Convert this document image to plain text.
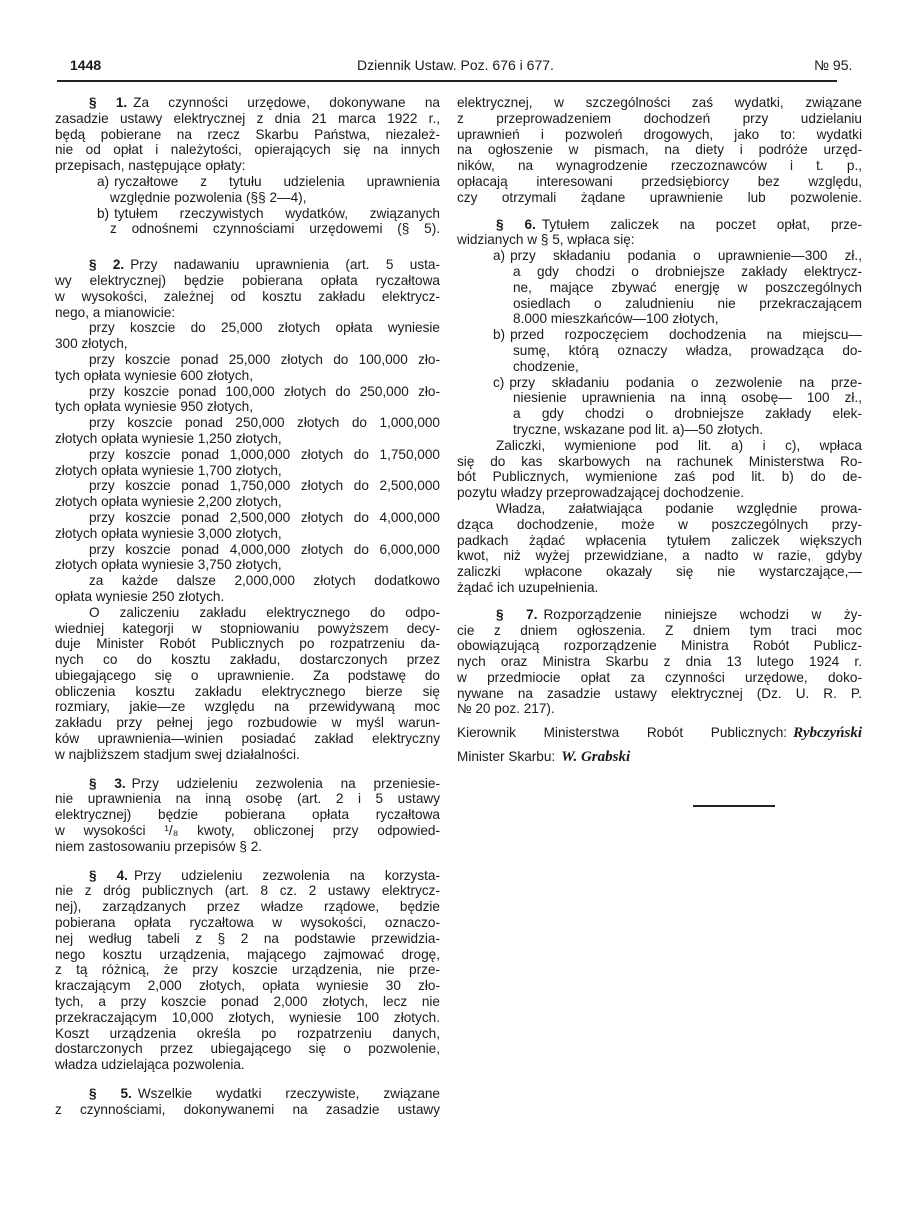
1448	Dziennik Ustaw. Poz. 676 i 677.	№ 95.
§ 1. Za czynności urzędowe, dokonywane na
zasadzie ustawy elektrycznej z dnia 21 marca 1922 r.,
będą pobierane na rzecz Skarbu Państwa, niezależ-
nie od opłat i należytości, opierających się na innych
przepisach, następujące opłaty:
a) ryczałtowe z tytułu udzielenia uprawnienia
względnie pozwolenia (§§ 2—4),
b) tytułem rzeczywistych wydatków, związanych
z odnośnemi czynnościami urzędowemi (§ 5).
§ 2. Przy nadawaniu uprawnienia (art. 5 usta-
wy elektrycznej) będzie pobierana opłata ryczałtowa
w wysokości, zależnej od kosztu zakładu elektrycz-
nego, a mianowicie:
przy koszcie do 25,000 złotych opłata wyniesie
300 złotych,
przy koszcie ponad 25,000 złotych do 100,000 zło-
tych opłata wyniesie 600 złotych,
przy koszcie ponad 100,000 złotych do 250,000 zło-
tych opłata wyniesie 950 złotych,
przy koszcie ponad 250,000 złotych do 1,000,000
złotych opłata wyniesie 1,250 złotych,
przy koszcie ponad 1,000,000 złotych do 1,750,000
złotych opłata wyniesie 1,700 złotych,
przy koszcie ponad 1,750,000 złotych do 2,500,000
złotych opłata wyniesie 2,200 złotych,
przy koszcie ponad 2,500,000 złotych do 4,000,000
złotych opłata wyniesie 3,000 złotych,
przy koszcie ponad 4,000,000 złotych do 6,000,000
złotych opłata wyniesie 3,750 złotych,
za każde dalsze 2,000,000 złotych dodatkowo
opłata wyniesie 250 złotych.
O zaliczeniu zakładu elektrycznego do odpo-
wiedniej kategorji w stopniowaniu powyższem decy-
duje Minister Robót Publicznych po rozpatrzeniu da-
nych co do kosztu zakładu, dostarczonych przez
ubiegającego się o uprawnienie. Za podstawę do
obliczenia kosztu zakładu elektrycznego bierze się
rozmiary, jakie—ze względu na przewidywaną moc
zakładu przy pełnej jego rozbudowie w myśl warun-
ków uprawnienia—winien posiadać zakład elektryczny
w najbliższem stadjum swej działalności.
§ 3. Przy udzieleniu zezwolenia na przeniesie-
nie uprawnienia na inną osobę (art. 2 i 5 ustawy
elektrycznej) będzie pobierana opłata ryczałtowa
w wysokości ¹/₈ kwoty, obliczonej przy odpowied-
niem zastosowaniu przepisów § 2.
§ 4. Przy udzieleniu zezwolenia na korzysta-
nie z dróg publicznych (art. 8 cz. 2 ustawy elektrycz-
nej), zarządzanych przez władze rządowe, będzie
pobierana opłata ryczałtowa w wysokości, oznaczo-
nej według tabeli z § 2 na podstawie przewidzia-
nego kosztu urządzenia, mającego zajmować drogę,
z tą różnicą, że przy koszcie urządzenia, nie prze-
kraczającym 2,000 złotych, opłata wyniesie 30 zło-
tych, a przy koszcie ponad 2,000 złotych, lecz nie
przekraczającym 10,000 złotych, wyniesie 100 złotych.
Koszt urządzenia określa po rozpatrzeniu danych,
dostarczonych przez ubiegającego się o pozwolenie,
władza udzielająca pozwolenia.
§ 5. Wszelkie wydatki rzeczywiste, związane
z czynnościami, dokonywanemi na zasadzie ustawy
elektrycznej, w szczególności zaś wydatki, związane
z przeprowadzeniem dochodzeń przy udzielaniu
uprawnień i pozwoleń drogowych, jako to: wydatki
na ogłoszenie w pismach, na diety i podróże urzęd-
ników, na wynagrodzenie rzeczoznawców i t. p.,
opłacają interesowani przedsiębiorcy bez względu,
czy otrzymali żądane uprawnienie lub pozwolenie.
§ 6. Tytułem zaliczek na poczet opłat, prze-
widzianych w § 5, wpłaca się:
a) przy składaniu podania o uprawnienie—300 zł.,
a gdy chodzi o drobniejsze zakłady elektrycz-
ne, mające zbywać energję w poszczególnych
osiedlach o zaludnieniu nie przekraczającem
8.000 mieszkańców—100 złotych,
b) przed rozpoczęciem dochodzenia na miejscu—
sumę, którą oznaczy władza, prowadząca do-
chodzenie,
c) przy składaniu podania o zezwolenie na prze-
niesienie uprawnienia na inną osobę— 100 zł.,
a gdy chodzi o drobniejsze zakłady elek-
tryczne, wskazane pod lit. a)—50 złotych.
Zaliczki, wymienione pod lit. a) i c), wpłaca
się do kas skarbowych na rachunek Ministerstwa Ro-
bót Publicznych, wymienione zaś pod lit. b) do de-
pozytu władzy przeprowadzającej dochodzenie.
Władza, załatwiająca podanie względnie prowa-
dząca dochodzenie, może w poszczególnych przy-
padkach żądać wpłacenia tytułem zaliczek większych
kwot, niż wyżej przewidziane, a nadto w razie, gdyby
zaliczki wpłacone okazały się nie wystarczające,—
żądać ich uzupełnienia.
§ 7. Rozporządzenie niniejsze wchodzi w ży-
cie z dniem ogłoszenia. Z dniem tym traci moc
obowiązującą rozporządzenie Ministra Robót Publicz-
nych oraz Ministra Skarbu z dnia 13 lutego 1924 r.
w przedmiocie opłat za czynności urzędowe, doko-
nywane na zasadzie ustawy elektrycznej (Dz. U. R. P.
№ 20 poz. 217).
Kierownik Ministerstwa Robót Publicznych: Rybczyński
Minister Skarbu: W. Grabski
